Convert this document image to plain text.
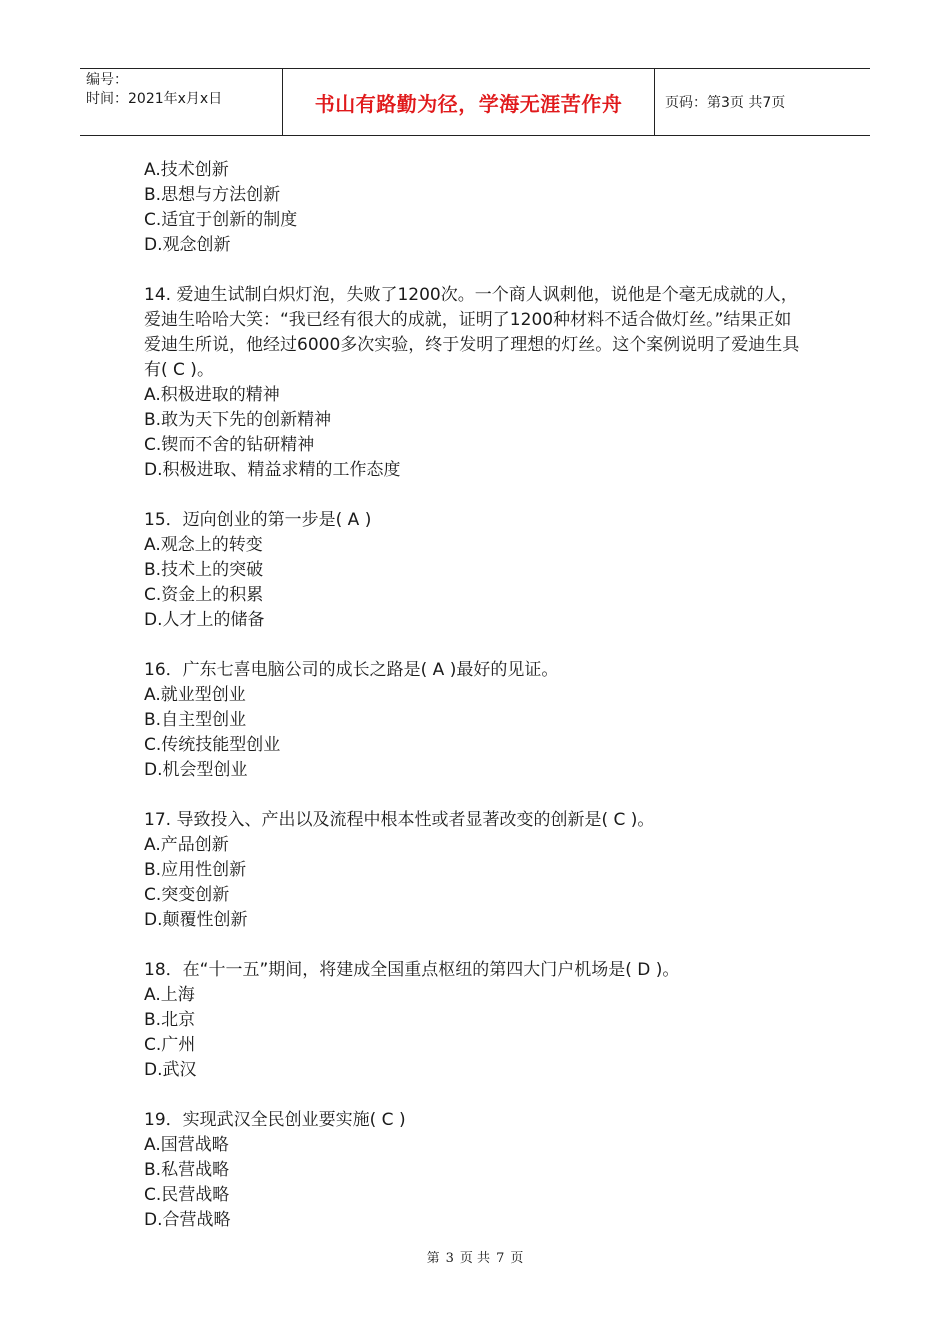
编号：
时间：2021年x月x日	书山有路勤为径，学海无涯苦作舟	页码：第3页 共7页
A.技术创新
B.思想与方法创新
C.适宜于创新的制度
D.观念创新

14. 爱迪生试制白炽灯泡，失败了1200次。一个商人讽刺他，说他是个毫无成就的人，爱迪生哈哈大笑：“我已经有很大的成就，证明了1200种材料不适合做灯丝。”结果正如爱迪生所说，他经过6000多次实验，终于发明了理想的灯丝。这个案例说明了爱迪生具有( C )。

A.积极进取的精神
B.敢为天下先的创新精神
C.锲而不舍的钻研精神
D.积极进取、精益求精的工作态度

15．迈向创业的第一步是( A )

A.观念上的转变
B.技术上的突破
C.资金上的积累
D.人才上的储备

16．广东七喜电脑公司的成长之路是( A )最好的见证。

A.就业型创业
B.自主型创业
C.传统技能型创业
D.机会型创业

17. 导致投入、产出以及流程中根本性或者显著改变的创新是( C )。

A.产品创新
B.应用性创新
C.突变创新
D.颠覆性创新

18．在“十一五”期间，将建成全国重点枢纽的第四大门户机场是( D )。

A.上海
B.北京
C.广州
D.武汉

19．实现武汉全民创业要实施( C )

A.国营战略
B.私营战略
C.民营战略
D.合营战略
第 3 页 共 7 页
